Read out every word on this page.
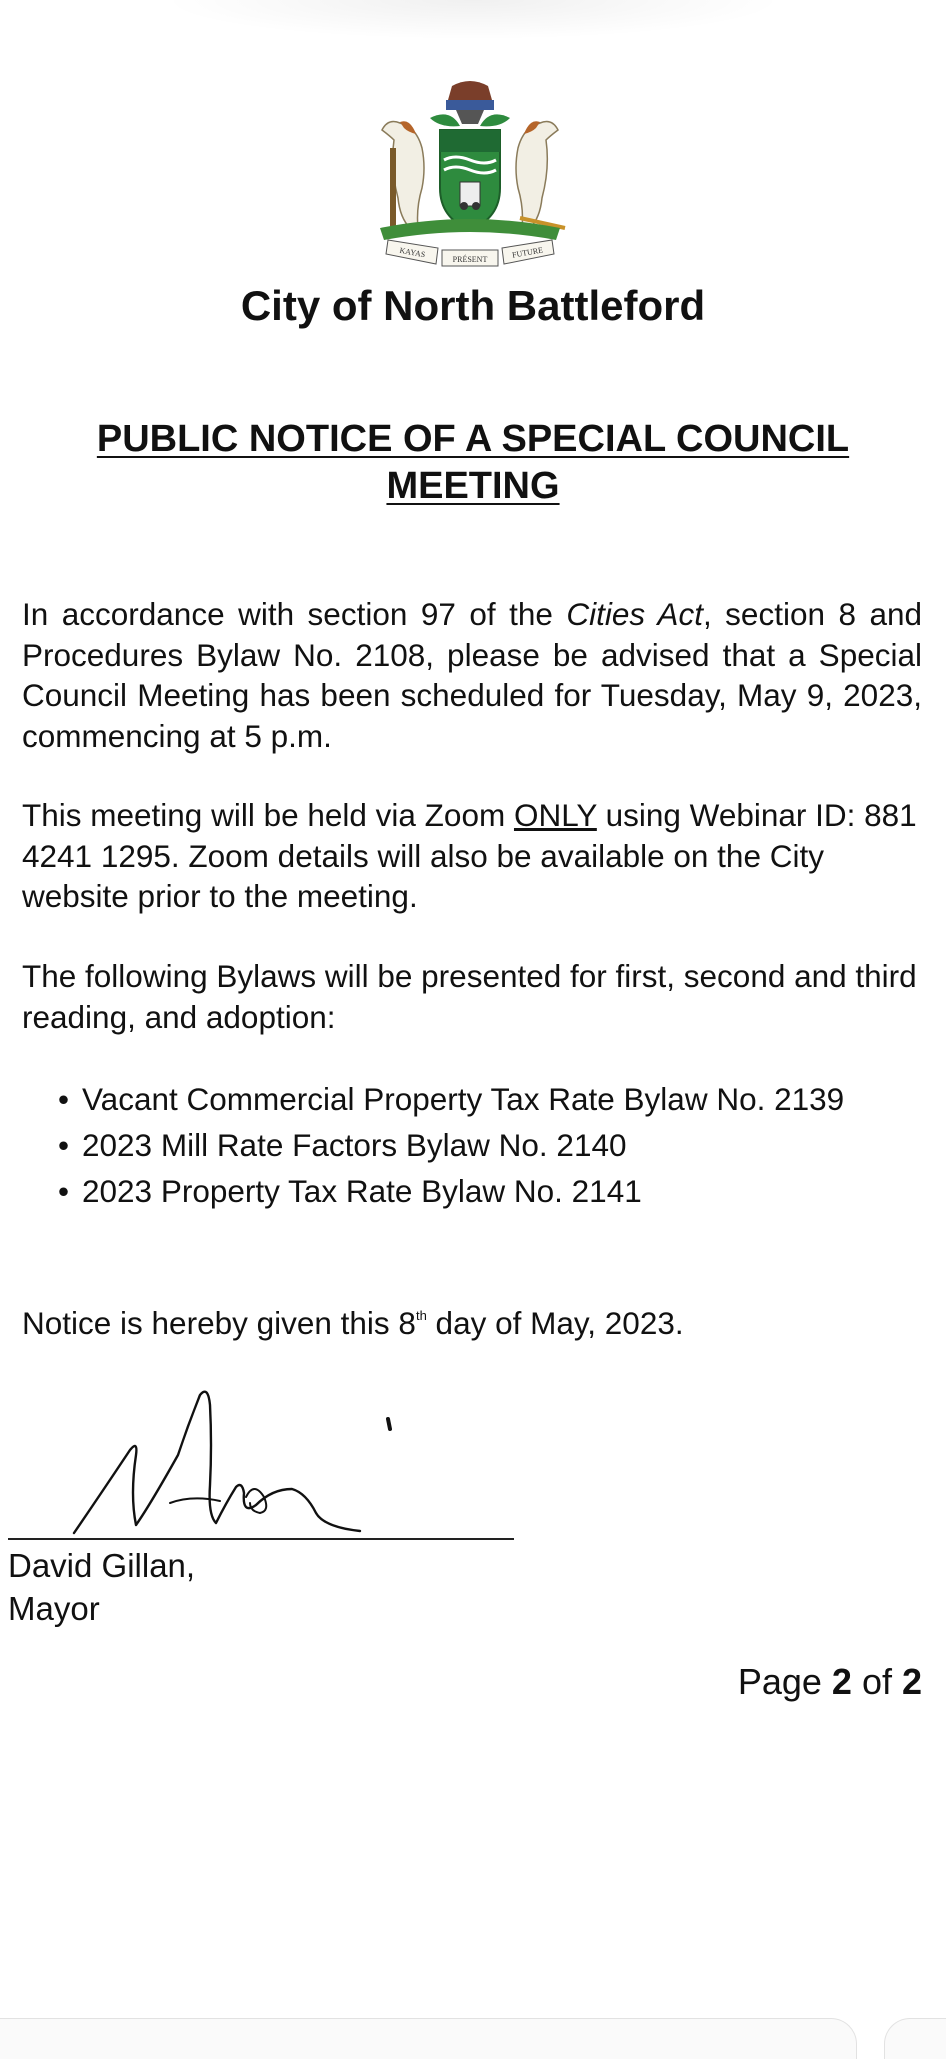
KAYAS
PRÉSENT	FUTURE
City of North Battleford
PUBLIC NOTICE OF A SPECIAL COUNCIL MEETING
In accordance with section 97 of the Cities Act, section 8 and Procedures Bylaw No. 2108, please be advised that a Special Council Meeting has been scheduled for Tuesday, May 9, 2023, commencing at 5 p.m.
This meeting will be held via Zoom ONLY using Webinar ID: 881 4241 1295. Zoom details will also be available on the City website prior to the meeting.
The following Bylaws will be presented for first, second and third reading, and adoption:
• Vacant Commercial Property Tax Rate Bylaw No. 2139
• 2023 Mill Rate Factors Bylaw No. 2140
• 2023 Property Tax Rate Bylaw No. 2141
Notice is hereby given this 8th day of May, 2023.
David Gillan,
Mayor
Page 2 of 2
